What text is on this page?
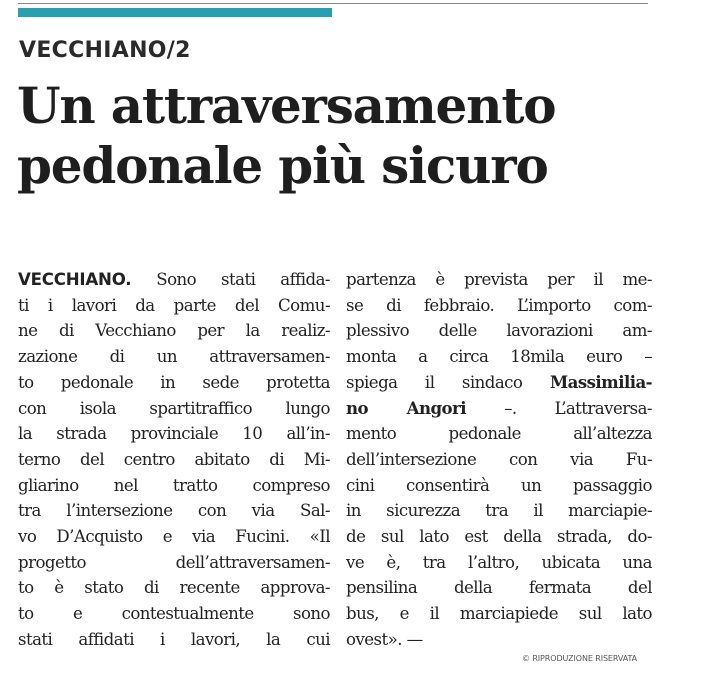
VECCHIANO/2
Un attraversamento
pedonale più sicuro
VECCHIANO. Sono stati affida-
ti i lavori da parte del Comu-
ne di Vecchiano per la realiz-
zazione di un attraversamen-
to pedonale in sede protetta
con isola spartitraffico lungo
la strada provinciale 10 all’in-
terno del centro abitato di Mi-
gliarino nel tratto compreso
tra l’intersezione con via Sal-
vo D’Acquisto e via Fucini. «Il
progetto dell’attraversamen-
to è stato di recente approva-
to e contestualmente sono
stati affidati i lavori, la cui
partenza è prevista per il me-
se di febbraio. L’importo com-
plessivo delle lavorazioni am-
monta a circa 18mila euro –
spiega il sindaco Massimilia-
no Angori –. L’attraversa-
mento pedonale all’altezza
dell’intersezione con via Fu-
cini consentirà un passaggio
in sicurezza tra il marciapie-
de sul lato est della strada, do-
ve è, tra l’altro, ubicata una
pensilina della fermata del
bus, e il marciapiede sul lato
ovest». —
© RIPRODUZIONE RISERVATA
